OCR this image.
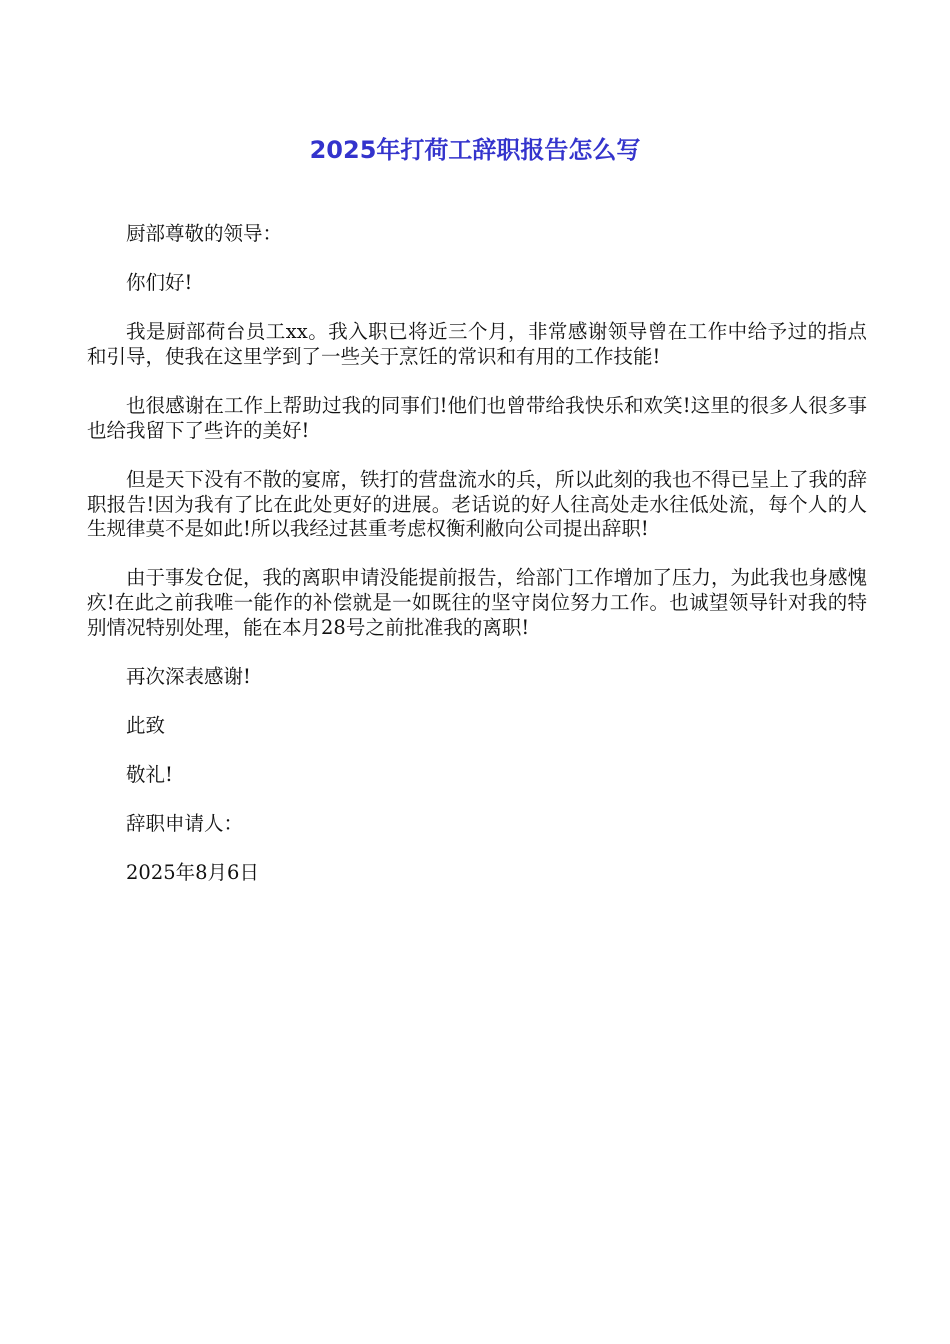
2025年打荷工辞职报告怎么写

厨部尊敬的领导：

你们好!

我是厨部荷台员工xx。我入职已将近三个月，非常感谢领导曾在工作中给予过的指点和引导，使我在这里学到了一些关于烹饪的常识和有用的工作技能!

也很感谢在工作上帮助过我的同事们!他们也曾带给我快乐和欢笑!这里的很多人很多事也给我留下了些许的美好!

但是天下没有不散的宴席，铁打的营盘流水的兵，所以此刻的我也不得已呈上了我的辞职报告!因为我有了比在此处更好的进展。老话说的好人往高处走水往低处流，每个人的人生规律莫不是如此!所以我经过甚重考虑权衡利敝向公司提出辞职!

由于事发仓促，我的离职申请没能提前报告，给部门工作增加了压力，为此我也身感愧疚!在此之前我唯一能作的补偿就是一如既往的坚守岗位努力工作。也诚望领导针对我的特别情况特别处理，能在本月28号之前批准我的离职!

再次深表感谢!

此致

敬礼!

辞职申请人：

2025年8月6日
